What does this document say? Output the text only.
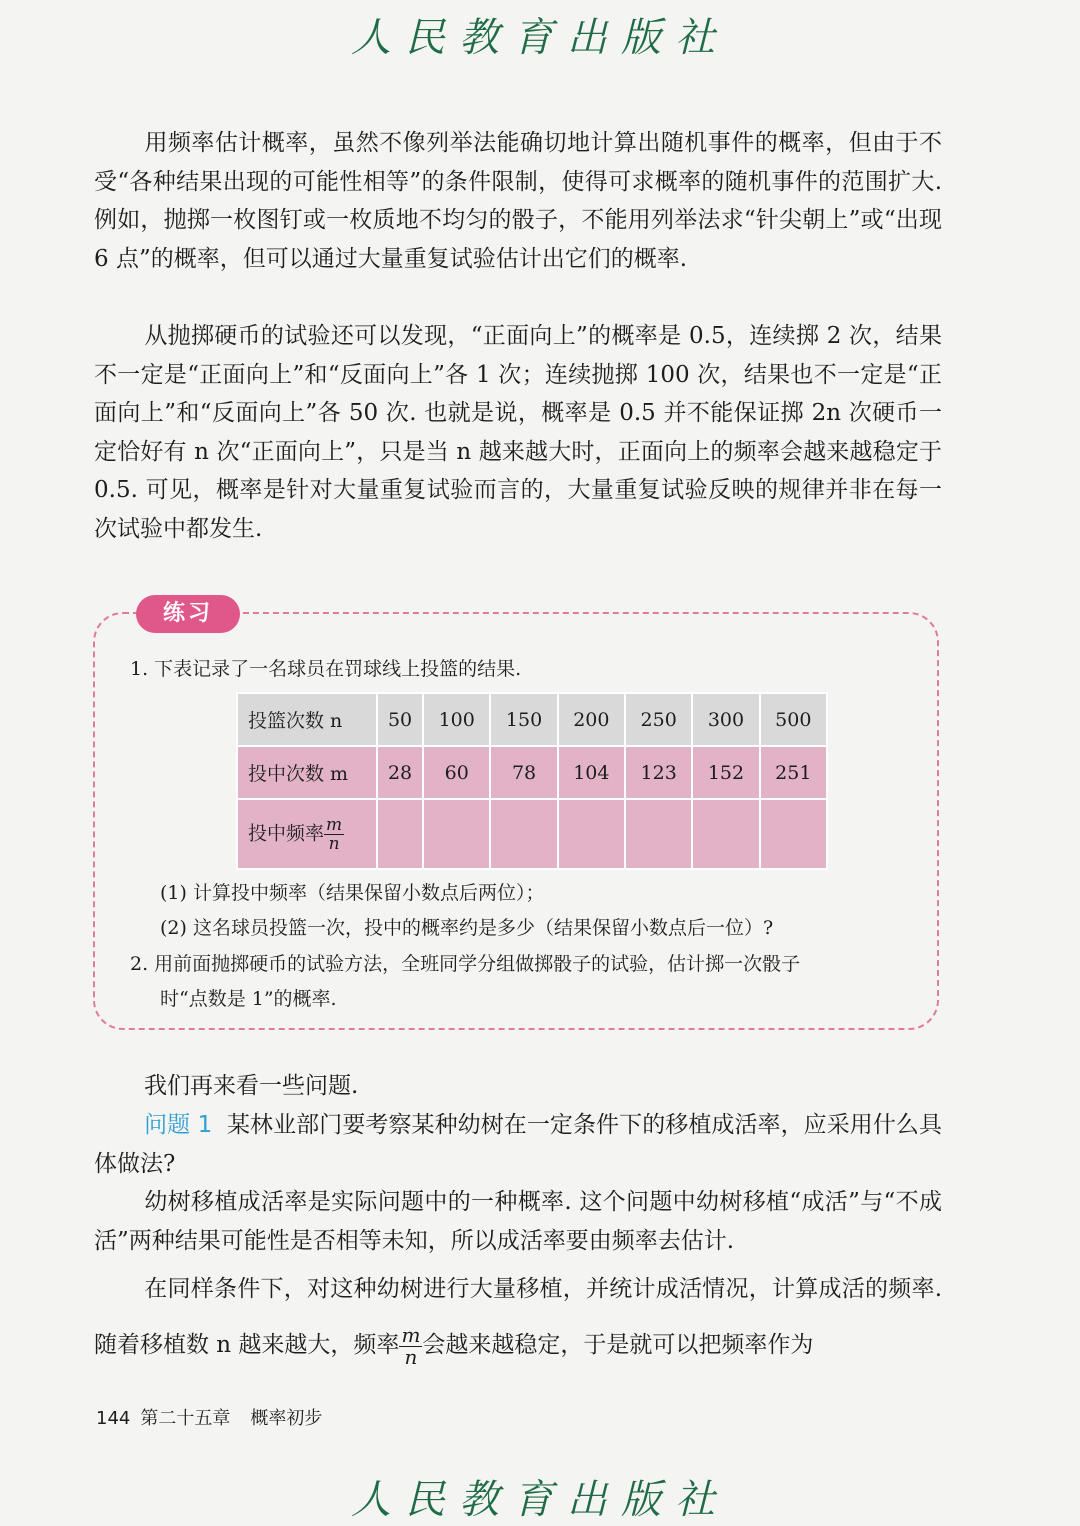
人民教育出版社

用频率估计概率，虽然不像列举法能确切地计算出随机事件的概率，但由于不受“各种结果出现的可能性相等”的条件限制，使得可求概率的随机事件的范围扩大. 例如，抛掷一枚图钉或一枚质地不均匀的骰子，不能用列举法求“针尖朝上”或“出现 6 点”的概率，但可以通过大量重复试验估计出它们的概率.

从抛掷硬币的试验还可以发现，“正面向上”的概率是 0.5，连续掷 2 次，结果不一定是“正面向上”和“反面向上”各 1 次；连续抛掷 100 次，结果也不一定是“正面向上”和“反面向上”各 50 次. 也就是说，概率是 0.5 并不能保证掷 2n 次硬币一定恰好有 n 次“正面向上”，只是当 n 越来越大时，正面向上的频率会越来越稳定于 0.5. 可见，概率是针对大量重复试验而言的，大量重复试验反映的规律并非在每一次试验中都发生.

练习

1. 下表记录了一名球员在罚球线上投篮的结果.

投篮次数 n	50	100	150	200	250	300	500
投中次数 m	28	60	78	104	123	152	251
投中频率 $\frac{m}{n}$

(1) 计算投中频率（结果保留小数点后两位）；

(2) 这名球员投篮一次，投中的概率约是多少（结果保留小数点后一位）?

2. 用前面抛掷硬币的试验方法，全班同学分组做掷骰子的试验，估计掷一次骰子

时“点数是 1”的概率.

我们再来看一些问题.

问题 1 某林业部门要考察某种幼树在一定条件下的移植成活率，应采用什么具体做法?

幼树移植成活率是实际问题中的一种概率. 这个问题中幼树移植“成活”与“不成活”两种结果可能性是否相等未知，所以成活率要由频率去估计.

在同样条件下，对这种幼树进行大量移植，并统计成活情况，计算成活的频率. 随着移植数 n 越来越大，频率 $\frac{m}{n}$ 会越来越稳定，于是就可以把频率作为

144 第二十五章 概率初步
人民教育出版社
